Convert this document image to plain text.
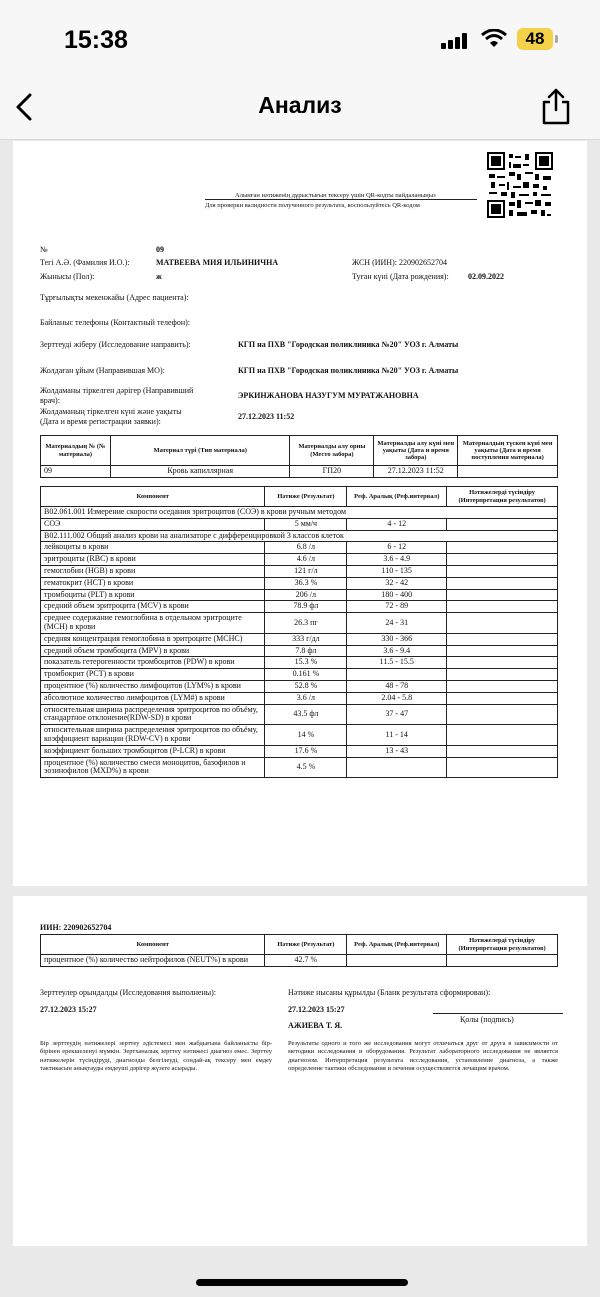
15:38	48
Анализ
Алынған нәтиженің дұрыстығын тексеру үшін QR-кодты пайдаланыңыз
Для проверки валидности полученного результата, воспользуйтесь QR-кодом
№	09
Тегі А.Ә. (Фамилия И.О.):	МАТВЕЕВА МИЯ ИЛЬИНИЧНА	ЖСН (ИИН): 220902652704
Жынысы (Пол):	ж	Туған күні (Дата рождения): 02.09.2022
Тұрғылықты мекенжайы (Адрес пациента):
Байланыс телефоны (Контактный телефон):
Зерттеуді жіберу (Исследование направить):	КГП на ПХВ "Городская поликлиника №20" УОЗ г. Алматы
Жолдаған ұйым (Направившая МО):	КГП на ПХВ "Городская поликлиника №20" УОЗ г. Алматы
Жолдаманы тіркелген дәрігер (Направивший
врач):
ЭРКИНЖАНОВА НАЗУГУМ МУРАТЖАНОВНА
Жолдаманың тіркелген күні және уақыты
(Дата и время регистрации заявки):
27.12.2023 11:52
Материалдың № (№ материала)	Материал түрі (Тип материала)	Материалды алу орны (Место забора)	Материалды алу күні мен уақыты (Дата и время забора)	Материалдың түскен күні мен уақыты (Дата и время поступления материала)
09	Кровь капиллярная	ГП20	27.12.2023 11:52	
Компонент	Нәтиже (Результат)	Реф. Аралық (Реф.интервал)	Нәтижелерді түсіндіру (Интерпретация результатов)
B02.061.001 Измерение скорости оседания эритроцитов (СОЭ) в крови ручным методом			
СОЭ	5 мм/ч	4 - 12	
B02.111.002 Общий анализ крови на анализаторе с дифференцировкой 3 классов клеток			
лейкоциты в крови	6.8 /л	6 - 12	
эритроциты (RBC) в крови	4.6 /л	3.6 - 4.9	
гемоглобин (HGB) в крови	121 г/л	110 - 135	
гематокрит (HCT) в крови	36.3 %	32 - 42	
тромбоциты (PLT) в крови	206 /л	180 - 400	
средний объем эритроцита (MCV) в крови	78.9 фл	72 - 89	
среднее содержание гемоглобина в отдельном эритроците (MCH) в крови	26.3 пг	24 - 31	
средняя концентрация гемоглобина в эритроците (MCHC)	333 г/дл	330 - 366	
средний объем тромбоцита (MPV) в крови	7.8 фл	3.6 - 9.4	
показатель гетерогенности тромбоцитов (PDW) в крови	15.3 %	11.5 - 15.5	
тромбокрит (PCT) в крови	0.161 %		
процентное (%) количество лимфоцитов (LYM%) в крови	52.8 %	48 - 78	
абсолютное количество лимфоцитов (LYM#) в крови	3.6 /л	2.04 - 5.8	
относительная ширина распределения эритроцитов по объёму, стандартное отклонение(RDW-SD) в крови	43.5 фл	37 - 47	
относительная ширина распределения эритроцитов по объёму, коэффициент вариации (RDW-CV) в крови	14 %	11 - 14	
коэффициент больших тромбоцитов (P-LCR) в крови	17.6 %	13 - 43	
процентное (%) количество смеси моноцитов, базофилов и эозинофилов (MXD%) в крови	4.5 %		
ИИН: 220902652704
Компонент	Нәтиже (Результат)	Реф. Аралық (Реф.интервал)	Нәтижелерді түсіндіру (Интерпретация результатов)
процентное (%) количество нейтрофилов (NEUT%) в крови	42.7 %		
Зерттеулер орындалды (Исследования выполнены):
27.12.2023 15:27
Нәтиже нысаны құрылды (Бланк результата сформирован):
27.12.2023 15:27
АЖИЕВА Т. Я.
Қолы (подпись)
Бір зерттеудің нәтижелері зерттеу әдістемесі мен жабдығына байланысты бір-бірінен ерекшеленуі мүмкін. Зертханалық зерттеу нәтижесі диагноз емес. Зерттеу нәтижелерін түсіндіруді, диагнозды белгілеуді, сондай-ақ тексеру мен емдеу тактикасын анықтауды емдеуші дәрігер жүзеге асырады.
Результаты одного и того же исследования могут отличаться друг от друга в зависимости от методики исследования и оборудования. Результат лабораторного исследования не является диагнозом. Интерпретация результата исследования, установление диагноза, а также определение тактики обследования и лечения осуществляется лечащим врачом.
